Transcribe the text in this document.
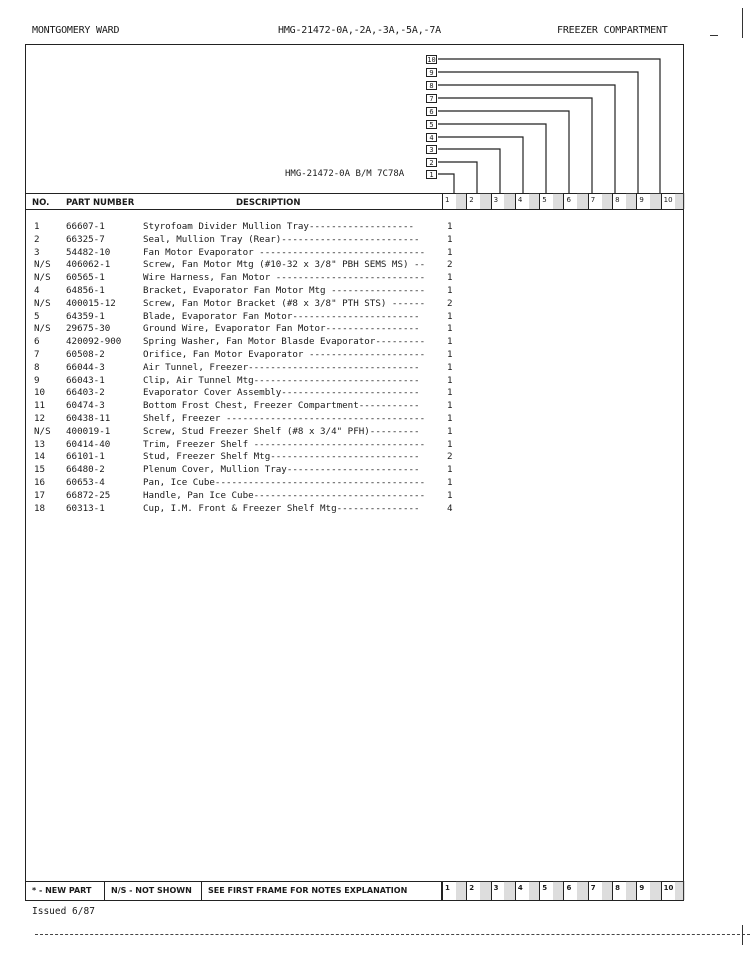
MONTGOMERY WARD	HMG-21472-0A,-2A,-3A,-5A,-7A	FREEZER COMPARTMENT
10
9
8
7
6
5
4
3
2
1
HMG-21472-0A B/M 7C78A
NO. PART NUMBER	DESCRIPTION	1	2	3	4	5	6	7	8	9	10
1	66607-1	Styrofoam Divider Mullion Tray-------------------	1
2	66325-7	Seal, Mullion Tray (Rear)-------------------------	1
3	54482-10	Fan Motor Evaporator ------------------------------	1
N/S	406062-1	Screw, Fan Motor Mtg (#10-32 x 3/8" PBH SEMS MS) --	2
N/S	60565-1	Wire Harness, Fan Motor ---------------------------	1
4	64856-1	Bracket, Evaporator Fan Motor Mtg -----------------	1
N/S	400015-12	Screw, Fan Motor Bracket (#8 x 3/8" PTH STS) ------	2
5	64359-1	Blade, Evaporator Fan Motor-----------------------	1
N/S	29675-30	Ground Wire, Evaporator Fan Motor-----------------	1
6	420092-900	Spring Washer, Fan Motor Blasde Evaporator---------	1
7	60508-2	Orifice, Fan Motor Evaporator ---------------------	1
8	66044-3	Air Tunnel, Freezer-------------------------------	1
9	66043-1	Clip, Air Tunnel Mtg------------------------------	1
10	66403-2	Evaporator Cover Assembly-------------------------	1
11	60474-3	Bottom Frost Chest, Freezer Compartment-----------	1
12	60438-11	Shelf, Freezer ------------------------------------	1
N/S	400019-1	Screw, Stud Freezer Shelf (#8 x 3/4" PFH)---------	1
13	60414-40	Trim, Freezer Shelf -------------------------------	1
14	66101-1	Stud, Freezer Shelf Mtg---------------------------	2
15	66480-2	Plenum Cover, Mullion Tray------------------------	1
16	60653-4	Pan, Ice Cube--------------------------------------	1
17	66872-25	Handle, Pan Ice Cube-------------------------------	1
18	60313-1	Cup, I.M. Front & Freezer Shelf Mtg---------------	4
* - NEW PART	N/S - NOT SHOWN	SEE FIRST FRAME FOR NOTES EXPLANATION	1	2	3	4	5	6	7	8	9	10
Issued 6/87
